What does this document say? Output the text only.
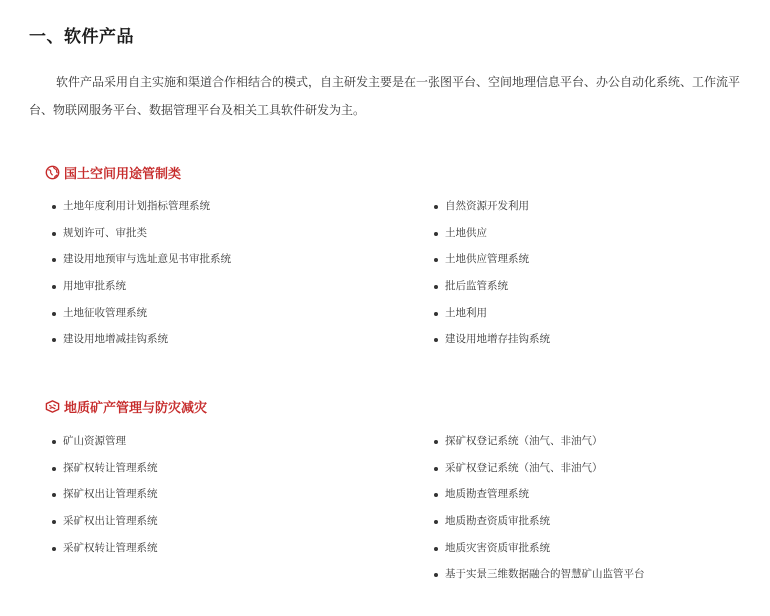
一、软件产品

软件产品采用自主实施和渠道合作相结合的模式，自主研发主要是在一张图平台、空间地理信息平台、办公自动化系统、工作流平台、物联网服务平台、数据管理平台及相关工具软件研发为主。

国土空间用途管制类
土地年度利用计划指标管理系统
规划许可、审批类
建设用地预审与选址意见书审批系统
用地审批系统
土地征收管理系统
建设用地增减挂钩系统
自然资源开发利用
土地供应
土地供应管理系统
批后监管系统
土地利用
建设用地增存挂钩系统
地质矿产管理与防灾减灾
矿山资源管理
探矿权转让管理系统
探矿权出让管理系统
采矿权出让管理系统
采矿权转让管理系统
探矿权登记系统（油气、非油气）
采矿权登记系统（油气、非油气）
地质勘查管理系统
地质勘查资质审批系统
地质灾害资质审批系统
基于实景三维数据融合的智慧矿山监管平台
